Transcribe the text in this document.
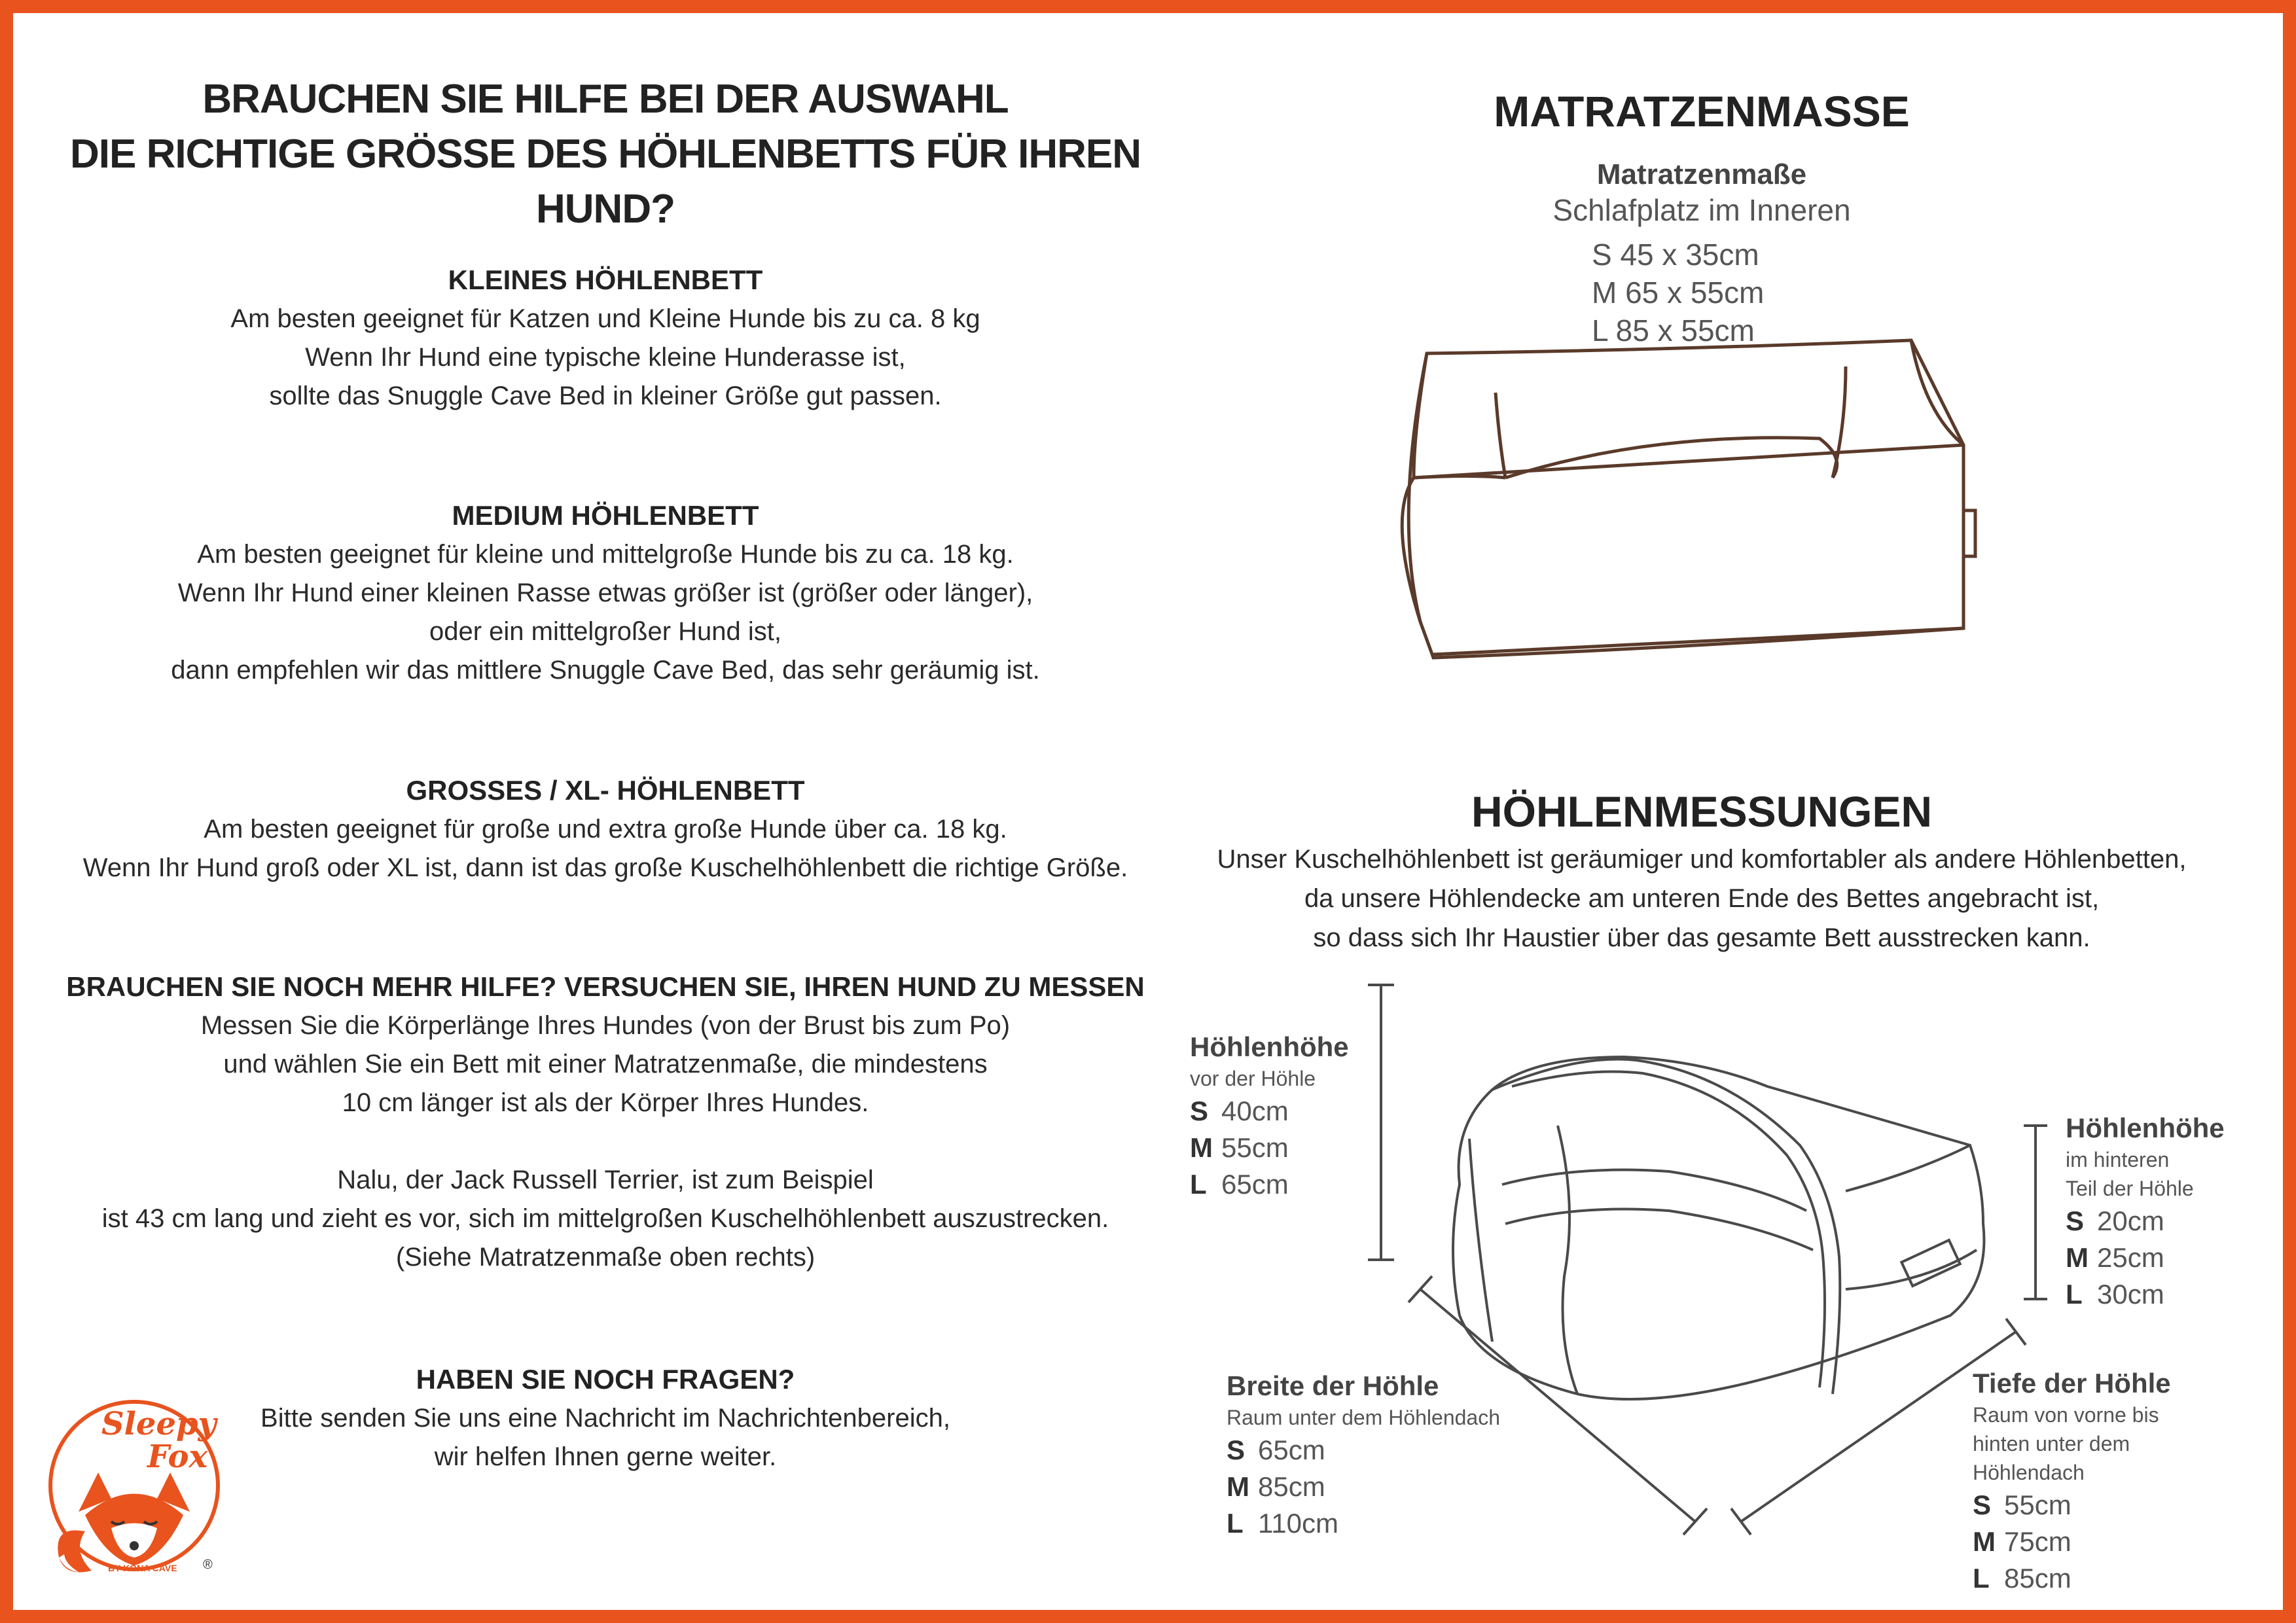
BRAUCHEN SIE HILFE BEI DER AUSWAHL
DIE RICHTIGE GRÖSSE DES HÖHLENBETTS FÜR IHREN HUND?
KLEINES HÖHLENBETT
Am besten geeignet für Katzen und Kleine Hunde bis zu ca. 8 kg
Wenn Ihr Hund eine typische kleine Hunderasse ist,
sollte das Snuggle Cave Bed in kleiner Größe gut passen.
MEDIUM HÖHLENBETT
Am besten geeignet für kleine und mittelgroße Hunde bis zu ca. 18 kg.
Wenn Ihr Hund einer kleinen Rasse etwas größer ist (größer oder länger),
oder ein mittelgroßer Hund ist,
dann empfehlen wir das mittlere Snuggle Cave Bed, das sehr geräumig ist.
GROSSES / XL- HÖHLENBETT
Am besten geeignet für große und extra große Hunde über ca. 18 kg.
Wenn Ihr Hund groß oder XL ist, dann ist das große Kuschelhöhlenbett die richtige Größe.
BRAUCHEN SIE NOCH MEHR HILFE? VERSUCHEN SIE, IHREN HUND ZU MESSEN
Messen Sie die Körperlänge Ihres Hundes (von der Brust bis zum Po)
und wählen Sie ein Bett mit einer Matratzenmaße, die mindestens
10 cm länger ist als der Körper Ihres Hundes.
Nalu, der Jack Russell Terrier, ist zum Beispiel
ist 43 cm lang und zieht es vor, sich im mittelgroßen Kuschelhöhlenbett auszustrecken.
(Siehe Matratzenmaße oben rechts)
HABEN SIE NOCH FRAGEN?
Bitte senden Sie uns eine Nachricht im Nachrichtenbereich,
wir helfen Ihnen gerne weiter.
Sleepy
Fox
BY KONA CAVE ®
MATRATZENMASSE
Matratzenmaße
Schlafplatz im Inneren
S 45 x 35cm
M 65 x 55cm
L 85 x 55cm
HÖHLENMESSUNGEN
Unser Kuschelhöhlenbett ist geräumiger und komfortabler als andere Höhlenbetten,
da unsere Höhlendecke am unteren Ende des Bettes angebracht ist,
so dass sich Ihr Haustier über das gesamte Bett ausstrecken kann.
Höhlenhöhe
vor der Höhle
S 40cm
M 55cm
L 65cm
Höhlenhöhe
im hinteren
Teil der Höhle
S 20cm
M 25cm
L 30cm
Breite der Höhle
Raum unter dem Höhlendach
S 65cm
M 85cm
L 110cm
Tiefe der Höhle
Raum von vorne bis
hinten unter dem
Höhlendach
S 55cm
M 75cm
L 85cm
